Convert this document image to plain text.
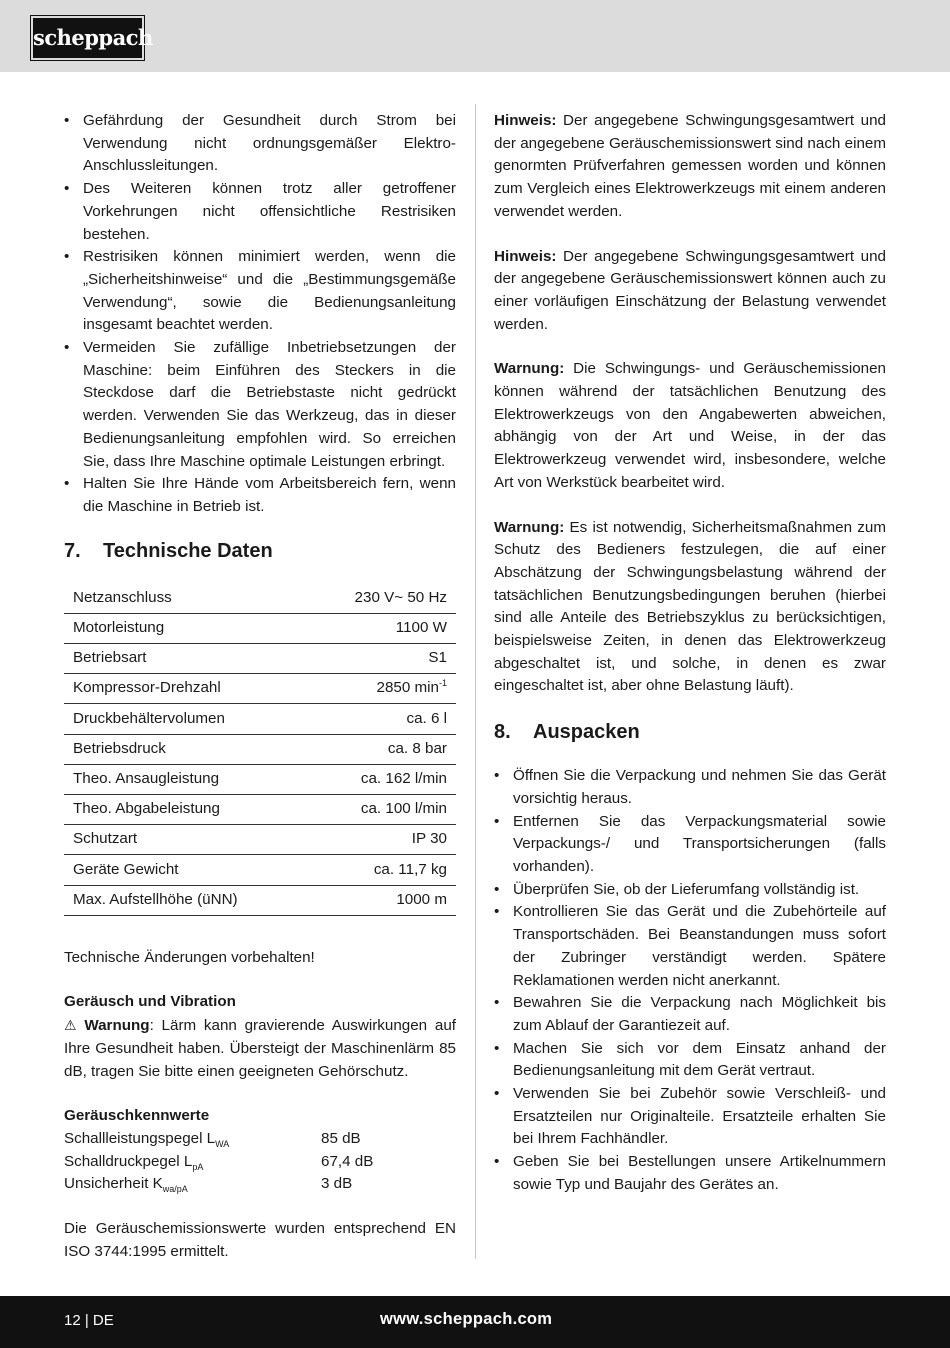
scheppach
• Gefährdung der Gesundheit durch Strom bei Verwendung nicht ordnungsgemäßer Elektro-Anschlussleitungen.
• Des Weiteren können trotz aller getroffener Vorkehrungen nicht offensichtliche Restrisiken bestehen.
• Restrisiken können minimiert werden, wenn die „Sicherheitshinweise“ und die „Bestimmungsgemäße Verwendung“, sowie die Bedienungsanleitung insgesamt beachtet werden.
• Vermeiden Sie zufällige Inbetriebsetzungen der Maschine: beim Einführen des Steckers in die Steckdose darf die Betriebstaste nicht gedrückt werden. Verwenden Sie das Werkzeug, das in dieser Bedienungsanleitung empfohlen wird. So erreichen Sie, dass Ihre Maschine optimale Leistungen erbringt.
• Halten Sie Ihre Hände vom Arbeitsbereich fern, wenn die Maschine in Betrieb ist.
7.	Technische Daten
Netzanschluss	230 V~ 50 Hz
Motorleistung	1100 W
Betriebsart	S1
Kompressor-Drehzahl	2850 $\min^{-1}$
Druckbehältervolumen	ca. 6 l
Betriebsdruck	ca. 8 bar
Theo. Ansaugleistung	ca. 162 l/min
Theo. Abgabeleistung	ca. 100 l/min
Schutzart	IP 30
Geräte Gewicht	ca. 11,7 kg
Max. Aufstellhöhe (üNN)	1000 m

Technische Änderungen vorbehalten!

Geräusch und Vibration

⚠ Warnung: Lärm kann gravierende Auswirkungen auf Ihre Gesundheit haben. Übersteigt der Maschinenlärm 85 dB, tragen Sie bitte einen geeigneten Gehörschutz.

Geräuschkennwerte

Schallleistungspegel $L_{WA}$	85 dB
Schalldruckpegel $L_{pA}$	67,4 dB
Unsicherheit $K_{wa/pA}$	3 dB

Die Geräuschemissionswerte wurden entsprechend EN ISO 3744:1995 ermittelt.

Hinweis: Der angegebene Schwingungsgesamtwert und der angegebene Geräuschemissionswert sind nach einem genormten Prüfverfahren gemessen worden und können zum Vergleich eines Elektrowerkzeugs mit einem anderen verwendet werden.

Hinweis: Der angegebene Schwingungsgesamtwert und der angegebene Geräuschemissionswert können auch zu einer vorläufigen Einschätzung der Belastung verwendet werden.

Warnung: Die Schwingungs- und Geräuschemissionen können während der tatsächlichen Benutzung des Elektrowerkzeugs von den Angabewerten abweichen, abhängig von der Art und Weise, in der das Elektrowerkzeug verwendet wird, insbesondere, welche Art von Werkstück bearbeitet wird.

Warnung: Es ist notwendig, Sicherheitsmaßnahmen zum Schutz des Bedieners festzulegen, die auf einer Abschätzung der Schwingungsbelastung während der tatsächlichen Benutzungsbedingungen beruhen (hierbei sind alle Anteile des Betriebszyklus zu berücksichtigen, beispielsweise Zeiten, in denen das Elektrowerkzeug abgeschaltet ist, und solche, in denen es zwar eingeschaltet ist, aber ohne Belastung läuft).

8.	Auspacken
• Öffnen Sie die Verpackung und nehmen Sie das Gerät vorsichtig heraus.
• Entfernen Sie das Verpackungsmaterial sowie Verpackungs-/ und Transportsicherungen (falls vorhanden).
• Überprüfen Sie, ob der Lieferumfang vollständig ist.
• Kontrollieren Sie das Gerät und die Zubehörteile auf Transportschäden. Bei Beanstandungen muss sofort der Zubringer verständigt werden. Spätere Reklamationen werden nicht anerkannt.
• Bewahren Sie die Verpackung nach Möglichkeit bis zum Ablauf der Garantiezeit auf.
• Machen Sie sich vor dem Einsatz anhand der Bedienungsanleitung mit dem Gerät vertraut.
• Verwenden Sie bei Zubehör sowie Verschleiß- und Ersatzteilen nur Originalteile. Ersatzteile erhalten Sie bei Ihrem Fachhändler.
• Geben Sie bei Bestellungen unsere Artikelnummern sowie Typ und Baujahr des Gerätes an.
12 | DE	www.scheppach.com
